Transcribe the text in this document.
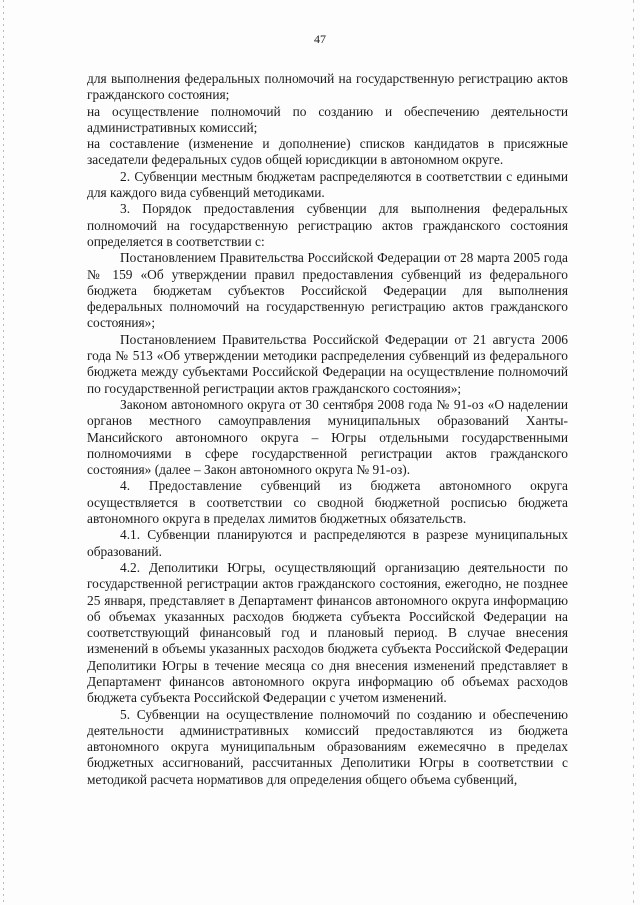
47

для выполнения федеральных полномочий на государственную регистрацию актов гражданского состояния;

на осуществление полномочий по созданию и обеспечению деятельности административных комиссий;

на составление (изменение и дополнение) списков кандидатов в присяжные заседатели федеральных судов общей юрисдикции в автономном округе.

2. Субвенции местным бюджетам распределяются в соответствии с едиными для каждого вида субвенций методиками.

3. Порядок предоставления субвенции для выполнения федеральных полномочий на государственную регистрацию актов гражданского состояния определяется в соответствии с:

Постановлением Правительства Российской Федерации от 28 марта 2005 года № 159 «Об утверждении правил предоставления субвенций из федерального бюджета бюджетам субъектов Российской Федерации для выполнения федеральных полномочий на государственную регистрацию актов гражданского состояния»;

Постановлением Правительства Российской Федерации от 21 августа 2006 года № 513 «Об утверждении методики распределения субвенций из федерального бюджета между субъектами Российской Федерации на осуществление полномочий по государственной регистрации актов гражданского состояния»;

Законом автономного округа от 30 сентября 2008 года № 91-оз «О наделении органов местного самоуправления муниципальных образований Ханты-Мансийского автономного округа – Югры отдельными государственными полномочиями в сфере государственной регистрации актов гражданского состояния» (далее – Закон автономного округа № 91-оз).

4. Предоставление субвенций из бюджета автономного округа осуществляется в соответствии со сводной бюджетной росписью бюджета автономного округа в пределах лимитов бюджетных обязательств.

4.1. Субвенции планируются и распределяются в разрезе муниципальных образований.

4.2. Дeполитики Югры, осуществляющий организацию деятельности по государственной регистрации актов гражданского состояния, ежегодно, не позднее 25 января, представляет в Департамент финансов автономного округа информацию об объемах указанных расходов бюджета субъекта Российской Федерации на соответствующий финансовый год и плановый период. В случае внесения изменений в объемы указанных расходов бюджета субъекта Российской Федерации Дeполитики Югры в течение месяца со дня внесения изменений представляет в Департамент финансов автономного округа информацию об объемах расходов бюджета субъекта Российской Федерации с учетом изменений.

5. Субвенции на осуществление полномочий по созданию и обеспечению деятельности административных комиссий предоставляются из бюджета автономного округа муниципальным образованиям ежемесячно в пределах бюджетных ассигнований, рассчитанных Дeполитики Югры в соответствии с методикой расчета нормативов для определения общего объема субвенций,
